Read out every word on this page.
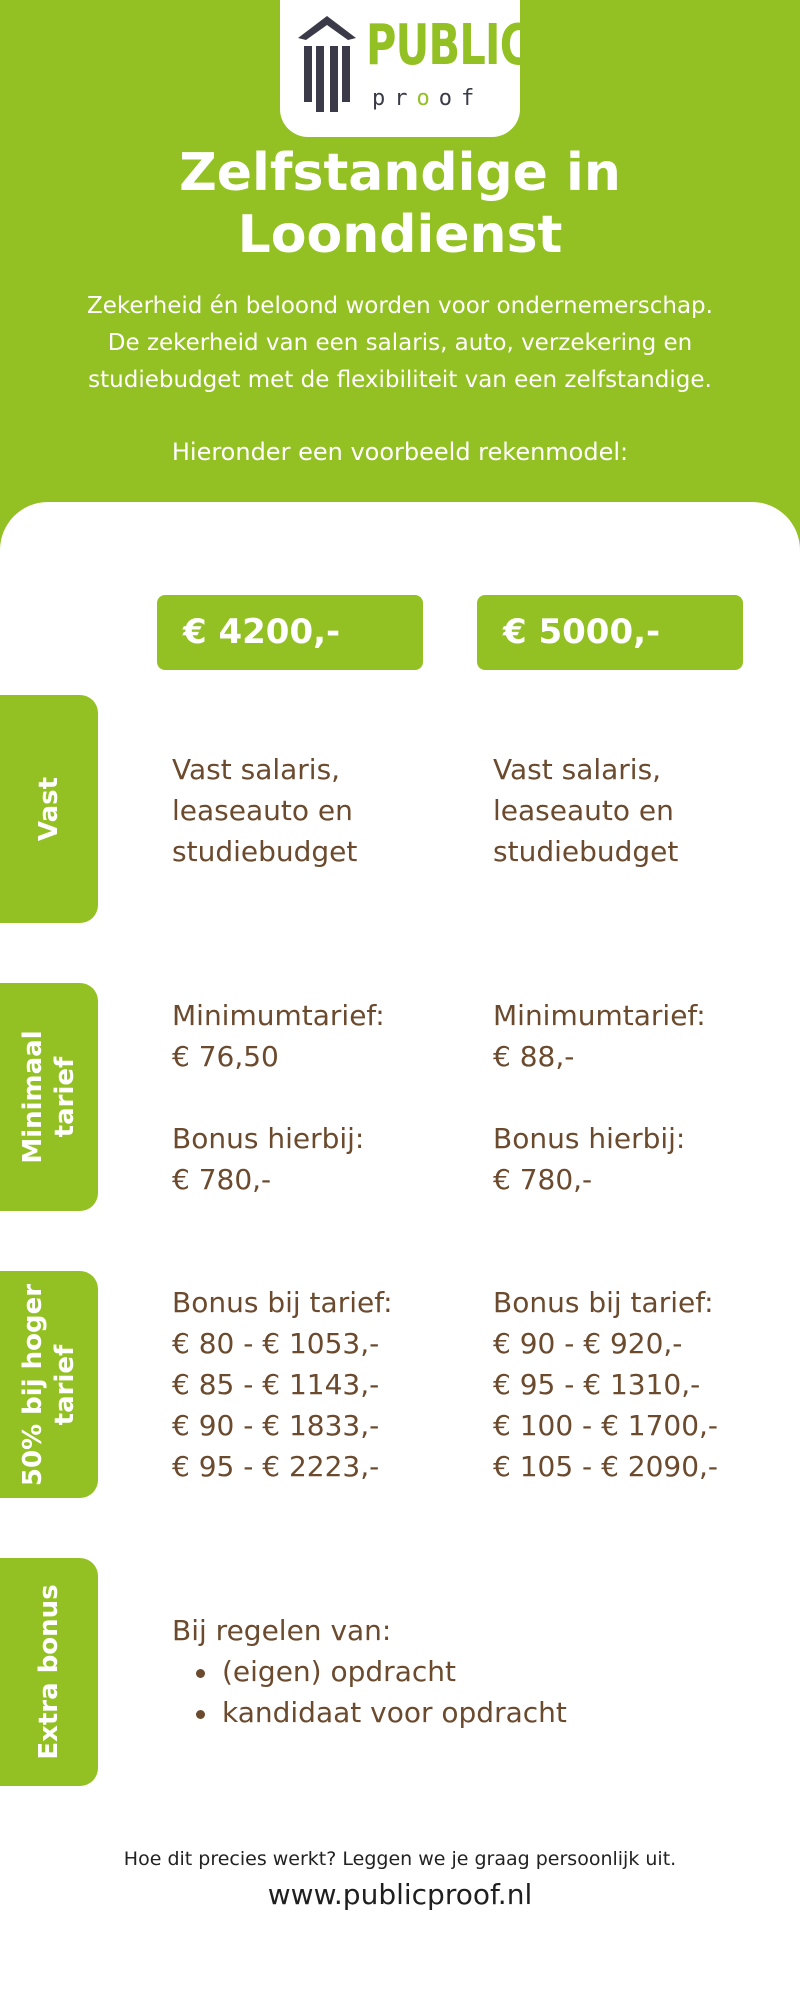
PUBLIC
proof
Zelfstandige in
Loondienst

Zekerheid én beloond worden voor ondernemerschap.
De zekerheid van een salaris, auto, verzekering en
studiebudget met de flexibiliteit van een zelfstandige.

Hieronder een voorbeeld rekenmodel:

€ 4200,-	€ 5000,-
Vast
Vast salaris,
leaseauto en
studiebudget
Vast salaris,
leaseauto en
studiebudget
Minimaal tarief
Minimumtarief:
€ 76,50
Bonus hierbij:
€ 780,-
Minimumtarief:
€ 88,-
Bonus hierbij:
€ 780,-
50% bij hoger tarief
Bonus bij tarief:
€ 80 - € 1053,-
€ 85 - € 1143,-
€ 90 - € 1833,-
€ 95 - € 2223,-
Bonus bij tarief:
€ 90 - € 920,-
€ 95 - € 1310,-
€ 100 - € 1700,-
€ 105 - € 2090,-
Extra bonus	Bij regelen van:
(eigen) opdracht
kandidaat voor opdracht

Hoe dit precies werkt? Leggen we je graag persoonlijk uit.

www.publicproof.nl
